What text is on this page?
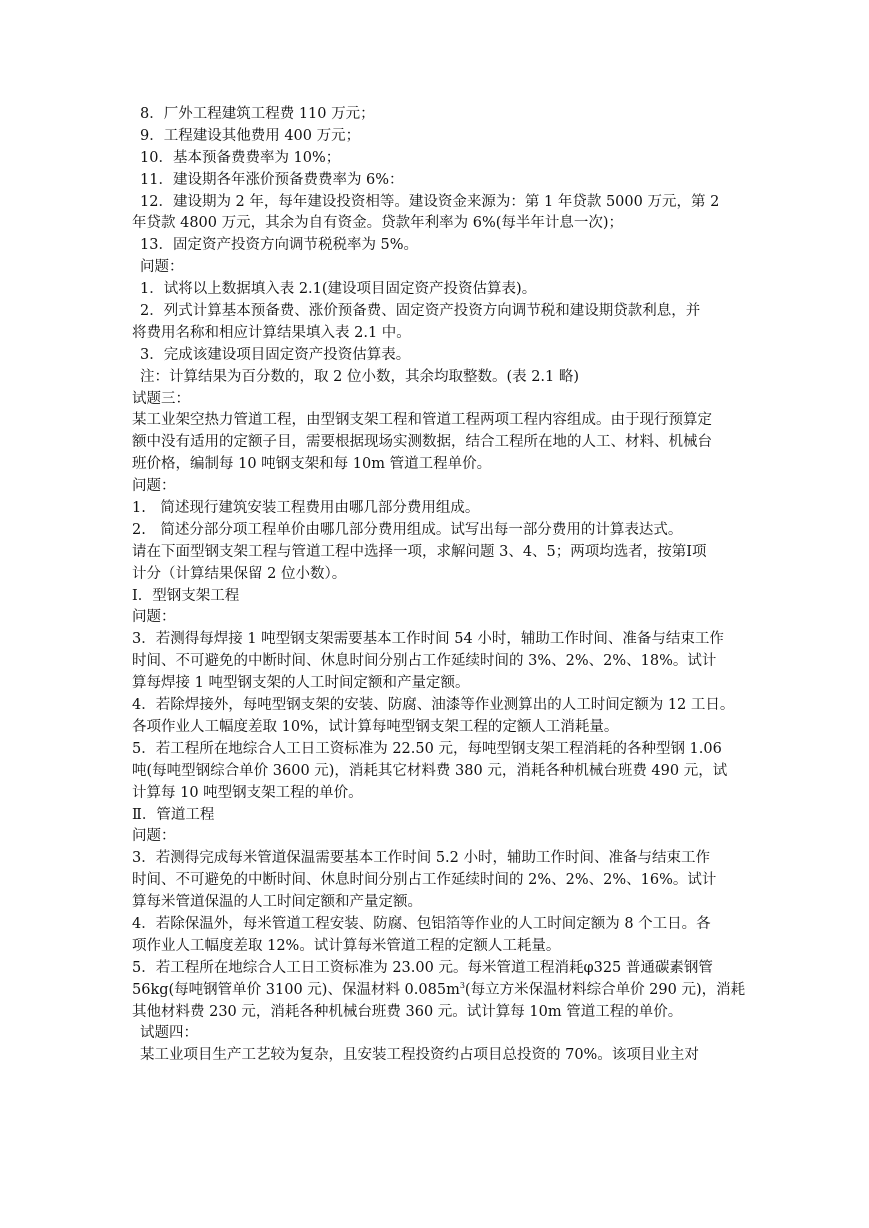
8．厂外工程建筑工程费 110 万元；
9．工程建设其他费用 400 万元；
10．基本预备费费率为 10%；
11．建设期各年涨价预备费费率为 6%：
12．建设期为 2 年，每年建设投资相等。建设资金来源为：第 1 年贷款 5000 万元，第 2
年贷款 4800 万元，其余为自有资金。贷款年利率为 6%(每半年计息一次)；
13．固定资产投资方向调节税税率为 5%。
问题：
1．试将以上数据填入表 2.1(建设项目固定资产投资估算表)。
2．列式计算基本预备费、涨价预备费、固定资产投资方向调节税和建设期贷款利息，并
将费用名称和相应计算结果填入表 2.1 中。
3．完成该建设项目固定资产投资估算表。
注：计算结果为百分数的，取 2 位小数，其余均取整数。(表 2.1 略)
试题三：
某工业架空热力管道工程，由型钢支架工程和管道工程两项工程内容组成。由于现行预算定
额中没有适用的定额子目，需要根据现场实测数据，结合工程所在地的人工、材料、机械台
班价格，编制每 10 吨钢支架和每 10m 管道工程单价。
问题：
1.　简述现行建筑安装工程费用由哪几部分费用组成。
2.　简述分部分项工程单价由哪几部分费用组成。试写出每一部分费用的计算表达式。
请在下面型钢支架工程与管道工程中选择一项，求解问题 3、4、5；两项均选者，按第Ⅰ项
计分（计算结果保留 2 位小数）。
Ⅰ．型钢支架工程
问题：
3．若测得每焊接 1 吨型钢支架需要基本工作时间 54 小时，辅助工作时间、准备与结束工作
时间、不可避免的中断时间、休息时间分别占工作延续时间的 3%、2%、2%、18%。试计
算每焊接 1 吨型钢支架的人工时间定额和产量定额。
4．若除焊接外，每吨型钢支架的安装、防腐、油漆等作业测算出的人工时间定额为 12 工日。
各项作业人工幅度差取 10%，试计算每吨型钢支架工程的定额人工消耗量。
5．若工程所在地综合人工日工资标准为 22.50 元，每吨型钢支架工程消耗的各种型钢 1.06
吨(每吨型钢综合单价 3600 元)，消耗其它材料费 380 元，消耗各种机械台班费 490 元，试
计算每 10 吨型钢支架工程的单价。
Ⅱ．管道工程
问题：
3．若测得完成每米管道保温需要基本工作时间 5.2 小时，辅助工作时间、准备与结束工作
时间、不可避免的中断时间、休息时间分别占工作延续时间的 2%、2%、2%、16%。试计
算每米管道保温的人工时间定额和产量定额。
4．若除保温外，每米管道工程安装、防腐、包铝箔等作业的人工时间定额为 8 个工日。各
项作业人工幅度差取 12%。试计算每米管道工程的定额人工耗量。
5．若工程所在地综合人工日工资标准为 23.00 元。每米管道工程消耗φ325 普通碳素钢管
56kg(每吨钢管单价 3100 元)、保温材料 $0.085m^3$(每立方米保温材料综合单价 290 元)，消耗
其他材料费 230 元，消耗各种机械台班费 360 元。试计算每 10m 管道工程的单价。
试题四：
某工业项目生产工艺较为复杂，且安装工程投资约占项目总投资的 70%。该项目业主对
